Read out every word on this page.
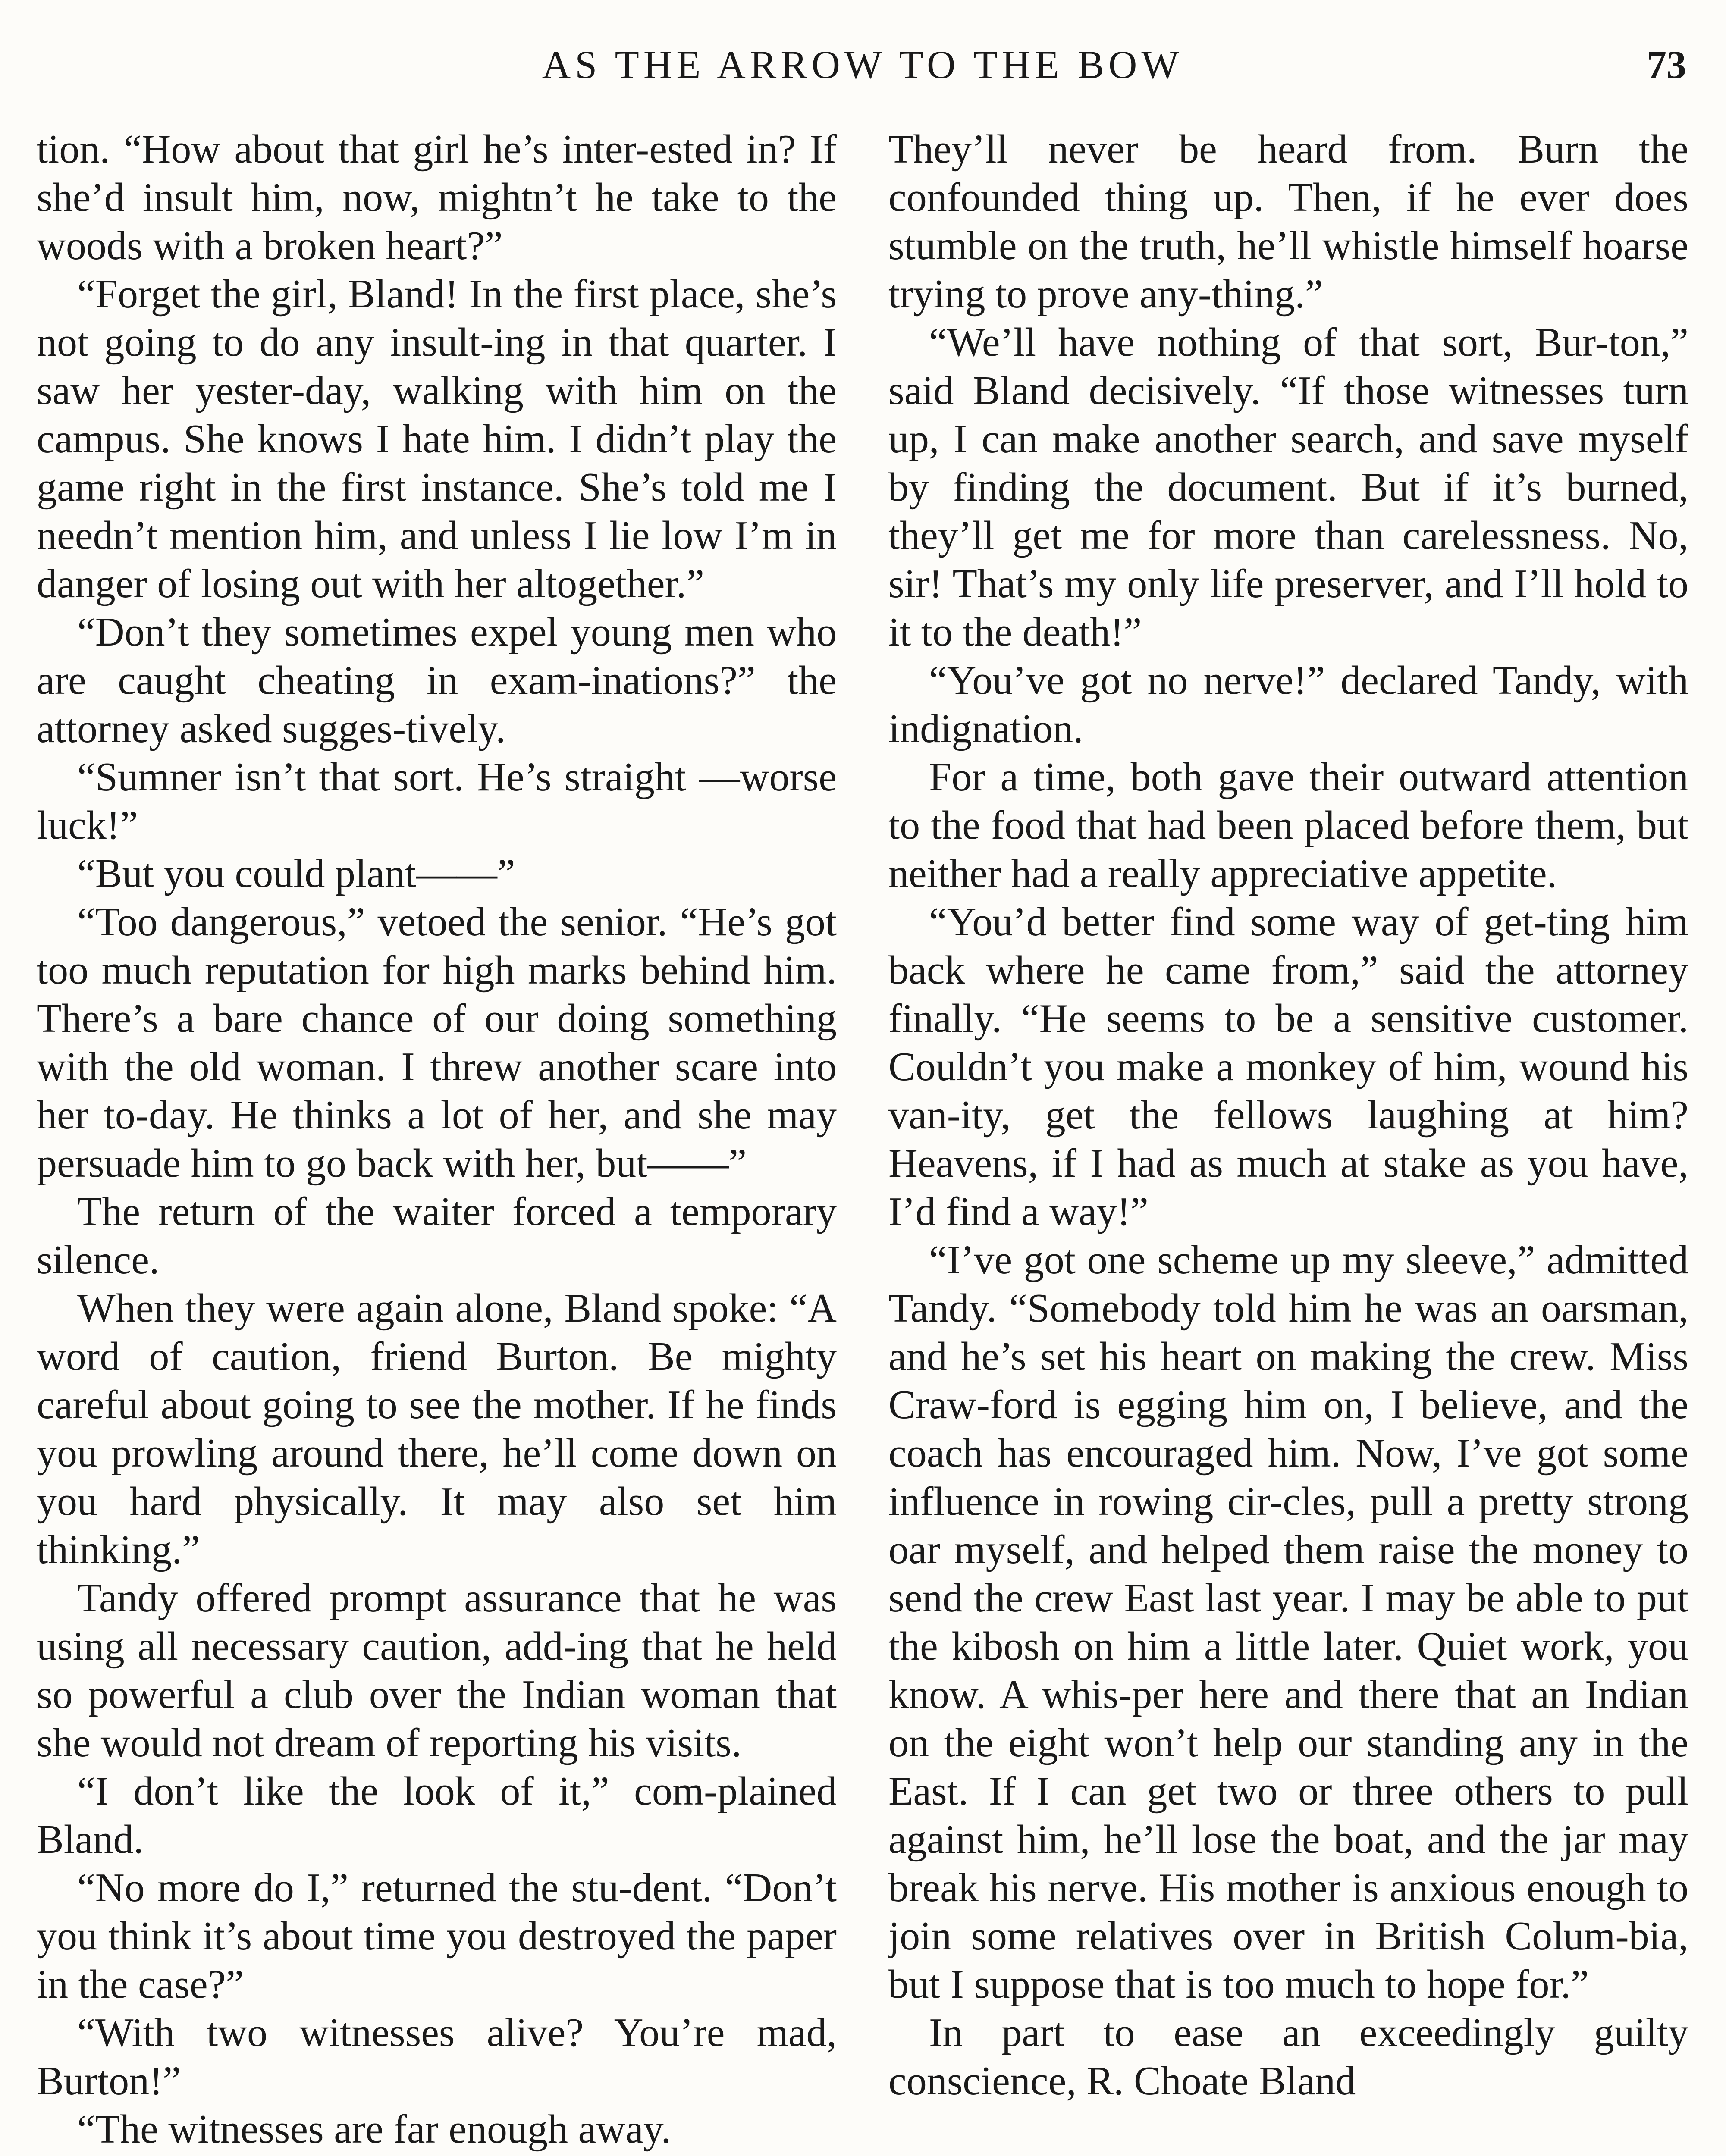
AS THE ARROW TO THE BOW	73

tion. “How about that girl he’s inter-ested in? If she’d insult him, now, mightn’t he take to the woods with a broken heart?”

“Forget the girl, Bland! In the first place, she’s not going to do any insult-ing in that quarter. I saw her yester-day, walking with him on the campus. She knows I hate him. I didn’t play the game right in the first instance. She’s told me I needn’t mention him, and unless I lie low I’m in danger of losing out with her altogether.”

“Don’t they sometimes expel young men who are caught cheating in exam-inations?” the attorney asked sugges-tively.

“Sumner isn’t that sort. He’s straight —worse luck!”

“But you could plant——”

“Too dangerous,” vetoed the senior. “He’s got too much reputation for high marks behind him. There’s a bare chance of our doing something with the old woman. I threw another scare into her to-day. He thinks a lot of her, and she may persuade him to go back with her, but——”

The return of the waiter forced a temporary silence.

When they were again alone, Bland spoke: “A word of caution, friend Burton. Be mighty careful about going to see the mother. If he finds you prowling around there, he’ll come down on you hard physically. It may also set him thinking.”

Tandy offered prompt assurance that he was using all necessary caution, add-ing that he held so powerful a club over the Indian woman that she would not dream of reporting his visits.

“I don’t like the look of it,” com-plained Bland.

“No more do I,” returned the stu-dent. “Don’t you think it’s about time you destroyed the paper in the case?”

“With two witnesses alive? You’re mad, Burton!”

“The witnesses are far enough away.

They’ll never be heard from. Burn the confounded thing up. Then, if he ever does stumble on the truth, he’ll whistle himself hoarse trying to prove any-thing.”

“We’ll have nothing of that sort, Bur-ton,” said Bland decisively. “If those witnesses turn up, I can make another search, and save myself by finding the document. But if it’s burned, they’ll get me for more than carelessness. No, sir! That’s my only life preserver, and I’ll hold to it to the death!”

“You’ve got no nerve!” declared Tandy, with indignation.

For a time, both gave their outward attention to the food that had been placed before them, but neither had a really appreciative appetite.

“You’d better find some way of get-ting him back where he came from,” said the attorney finally. “He seems to be a sensitive customer. Couldn’t you make a monkey of him, wound his van-ity, get the fellows laughing at him? Heavens, if I had as much at stake as you have, I’d find a way!”

“I’ve got one scheme up my sleeve,” admitted Tandy. “Somebody told him he was an oarsman, and he’s set his heart on making the crew. Miss Craw-ford is egging him on, I believe, and the coach has encouraged him. Now, I’ve got some influence in rowing cir-cles, pull a pretty strong oar myself, and helped them raise the money to send the crew East last year. I may be able to put the kibosh on him a little later. Quiet work, you know. A whis-per here and there that an Indian on the eight won’t help our standing any in the East. If I can get two or three others to pull against him, he’ll lose the boat, and the jar may break his nerve. His mother is anxious enough to join some relatives over in British Colum-bia, but I suppose that is too much to hope for.”

In part to ease an exceedingly guilty conscience, R. Choate Bland
